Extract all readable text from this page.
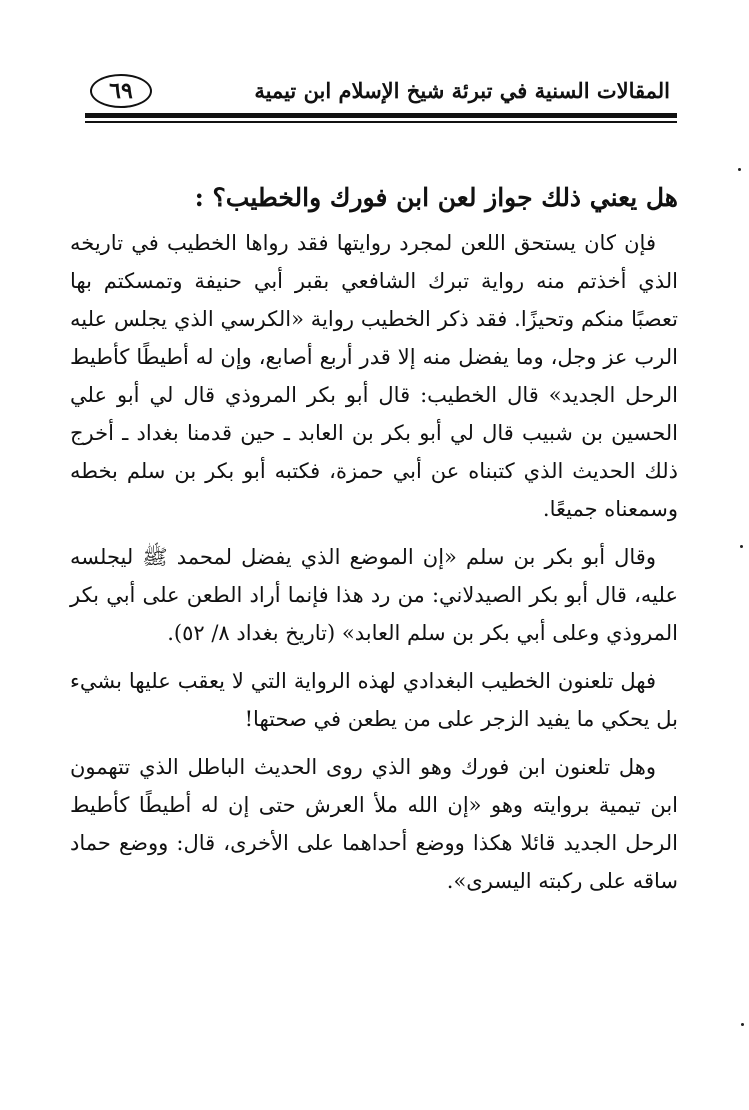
٦٩	المقالات السنية في تبرئة شيخ الإسلام ابن تيمية
هل يعني ذلك جواز لعن ابن فورك والخطيب؟ :

فإن كان يستحق اللعن لمجرد روايتها فقد رواها الخطيب في تاريخه الذي أخذتم منه رواية تبرك الشافعي بقبر أبي حنيفة وتمسكتم بها تعصبًا منكم وتحيزًا. فقد ذكر الخطيب رواية «الكرسي الذي يجلس عليه الرب عز وجل، وما يفضل منه إلا قدر أربع أصابع، وإن له أطيطًا كأطيط الرحل الجديد» قال الخطيب: قال أبو بكر المروذي قال لي أبو علي الحسين بن شبيب قال لي أبو بكر بن العابد ـ حين قدمنا بغداد ـ أخرج ذلك الحديث الذي كتبناه عن أبي حمزة، فكتبه أبو بكر بن سلم بخطه وسمعناه جميعًا.

وقال أبو بكر بن سلم «إن الموضع الذي يفضل لمحمد ﷺ ليجلسه عليه، قال أبو بكر الصيدلاني: من رد هذا فإنما أراد الطعن على أبي بكر المروذي وعلى أبي بكر بن سلم العابد» (تاريخ بغداد ٨/ ٥٢).

فهل تلعنون الخطيب البغدادي لهذه الرواية التي لا يعقب عليها بشيء بل يحكي ما يفيد الزجر على من يطعن في صحتها!

وهل تلعنون ابن فورك وهو الذي روى الحديث الباطل الذي تتهمون ابن تيمية بروايته وهو «إن الله ملأ العرش حتى إن له أطيطًا كأطيط الرحل الجديد قائلا هكذا ووضع أحداهما على الأخرى، قال: ووضع حماد ساقه على ركبته اليسرى».
